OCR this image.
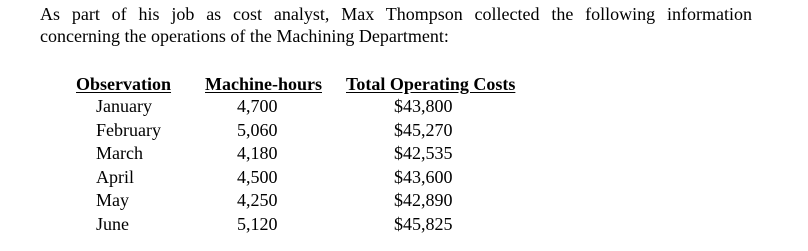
As part of his job as cost analyst, Max Thompson collected the following information
concerning the operations of the Machining Department:
Observation Machine-hours Total Operating Costs
January
February
March
April
May
June
4,700
5,060
4,180
4,500
4,250
5,120
$43,800
$45,270
$42,535
$43,600
$42,890
$45,825
